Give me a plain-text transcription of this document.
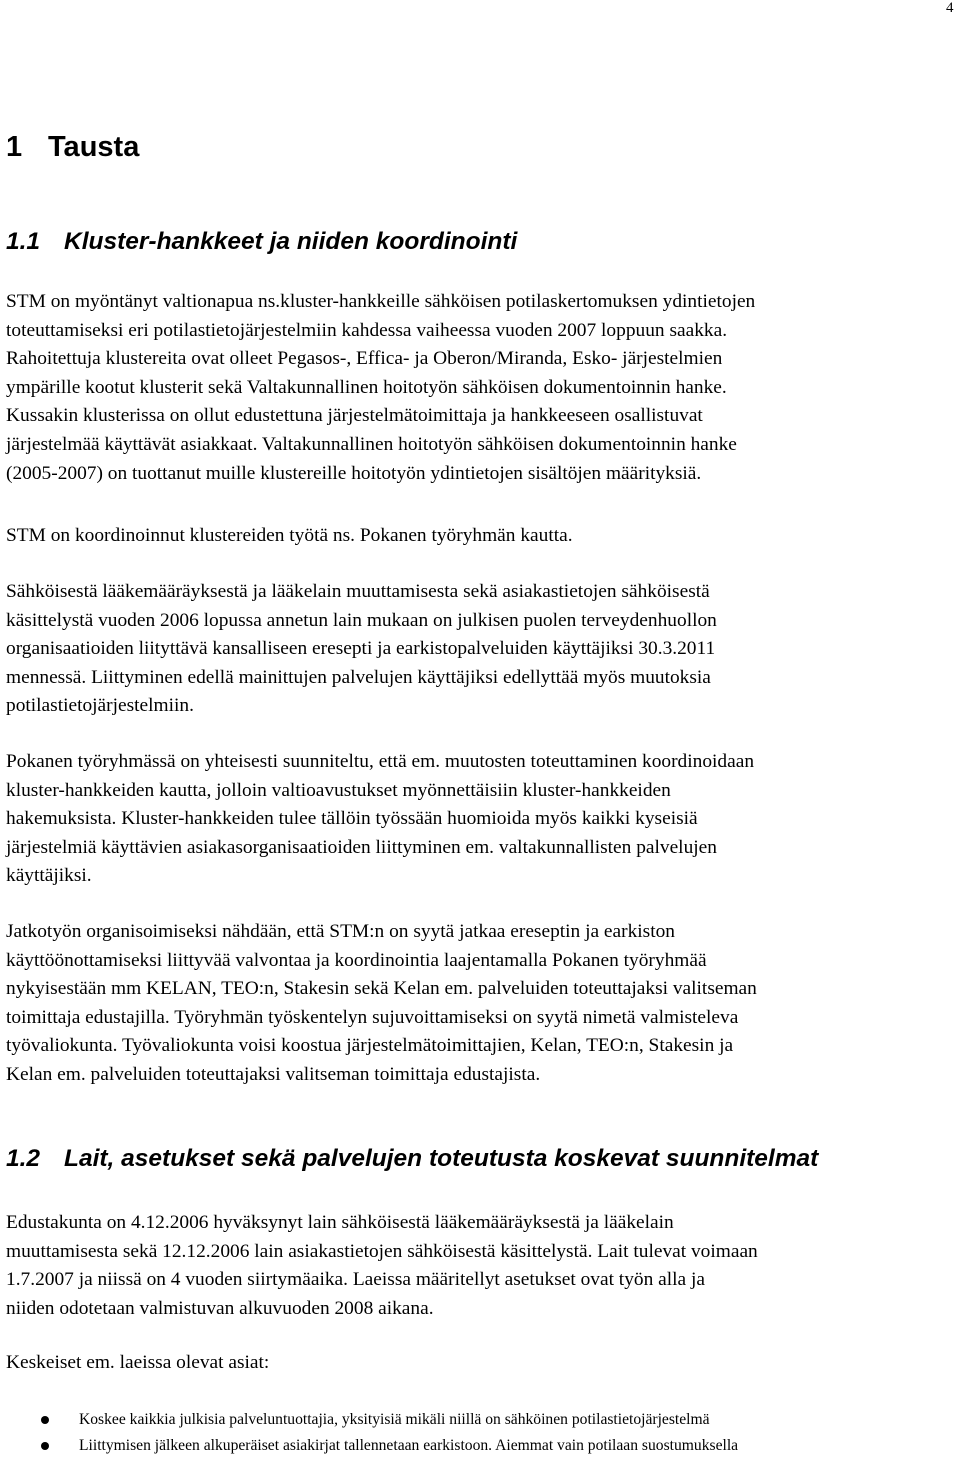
4
1 Tausta
1.1 Kluster-hankkeet ja niiden koordinointi
STM on myöntänyt valtionapua ns.kluster-hankkeille sähköisen potilaskertomuksen ydintietojen
toteuttamiseksi eri potilastietojärjestelmiin kahdessa vaiheessa vuoden 2007 loppuun saakka.
Rahoitettuja klustereita ovat olleet Pegasos-, Effica- ja Oberon/Miranda, Esko- järjestelmien
ympärille kootut klusterit sekä Valtakunnallinen hoitotyön sähköisen dokumentoinnin hanke.
Kussakin klusterissa on ollut edustettuna järjestelmätoimittaja ja hankkeeseen osallistuvat
järjestelmää käyttävät asiakkaat. Valtakunnallinen hoitotyön sähköisen dokumentoinnin hanke
(2005-2007) on tuottanut muille klustereille hoitotyön ydintietojen sisältöjen määrityksiä.
STM on koordinoinnut klustereiden työtä ns. Pokanen työryhmän kautta.
Sähköisestä lääkemääräyksestä ja lääkelain muuttamisesta sekä asiakastietojen sähköisestä
käsittelystä vuoden 2006 lopussa annetun lain mukaan on julkisen puolen terveydenhuollon
organisaatioiden liityttävä kansalliseen eresepti ja earkistopalveluiden käyttäjiksi 30.3.2011
mennessä. Liittyminen edellä mainittujen palvelujen käyttäjiksi edellyttää myös muutoksia
potilastietojärjestelmiin.
Pokanen työryhmässä on yhteisesti suunniteltu, että em. muutosten toteuttaminen koordinoidaan
kluster-hankkeiden kautta, jolloin valtioavustukset myönnettäisiin kluster-hankkeiden
hakemuksista. Kluster-hankkeiden tulee tällöin työssään huomioida myös kaikki kyseisiä
järjestelmiä käyttävien asiakasorganisaatioiden liittyminen em. valtakunnallisten palvelujen
käyttäjiksi.
Jatkotyön organisoimiseksi nähdään, että STM:n on syytä jatkaa ereseptin ja earkiston
käyttöönottamiseksi liittyvää valvontaa ja koordinointia laajentamalla Pokanen työryhmää
nykyisestään mm KELAN, TEO:n, Stakesin sekä Kelan em. palveluiden toteuttajaksi valitseman
toimittaja edustajilla. Työryhmän työskentelyn sujuvoittamiseksi on syytä nimetä valmisteleva
työvaliokunta. Työvaliokunta voisi koostua järjestelmätoimittajien, Kelan, TEO:n, Stakesin ja
Kelan em. palveluiden toteuttajaksi valitseman toimittaja edustajista.
1.2 Lait, asetukset sekä palvelujen toteutusta koskevat suunnitelmat
Edustakunta on 4.12.2006 hyväksynyt lain sähköisestä lääkemääräyksestä ja lääkelain
muuttamisesta sekä 12.12.2006 lain asiakastietojen sähköisestä käsittelystä. Lait tulevat voimaan
1.7.2007 ja niissä on 4 vuoden siirtymäaika. Laeissa määritellyt asetukset ovat työn alla ja
niiden odotetaan valmistuvan alkuvuoden 2008 aikana.
Keskeiset em. laeissa olevat asiat:
Koskee kaikkia julkisia palveluntuottajia, yksityisiä mikäli niillä on sähköinen potilastietojärjestelmä
Liittymisen jälkeen alkuperäiset asiakirjat tallennetaan earkistoon. Aiemmat vain potilaan suostumuksella
